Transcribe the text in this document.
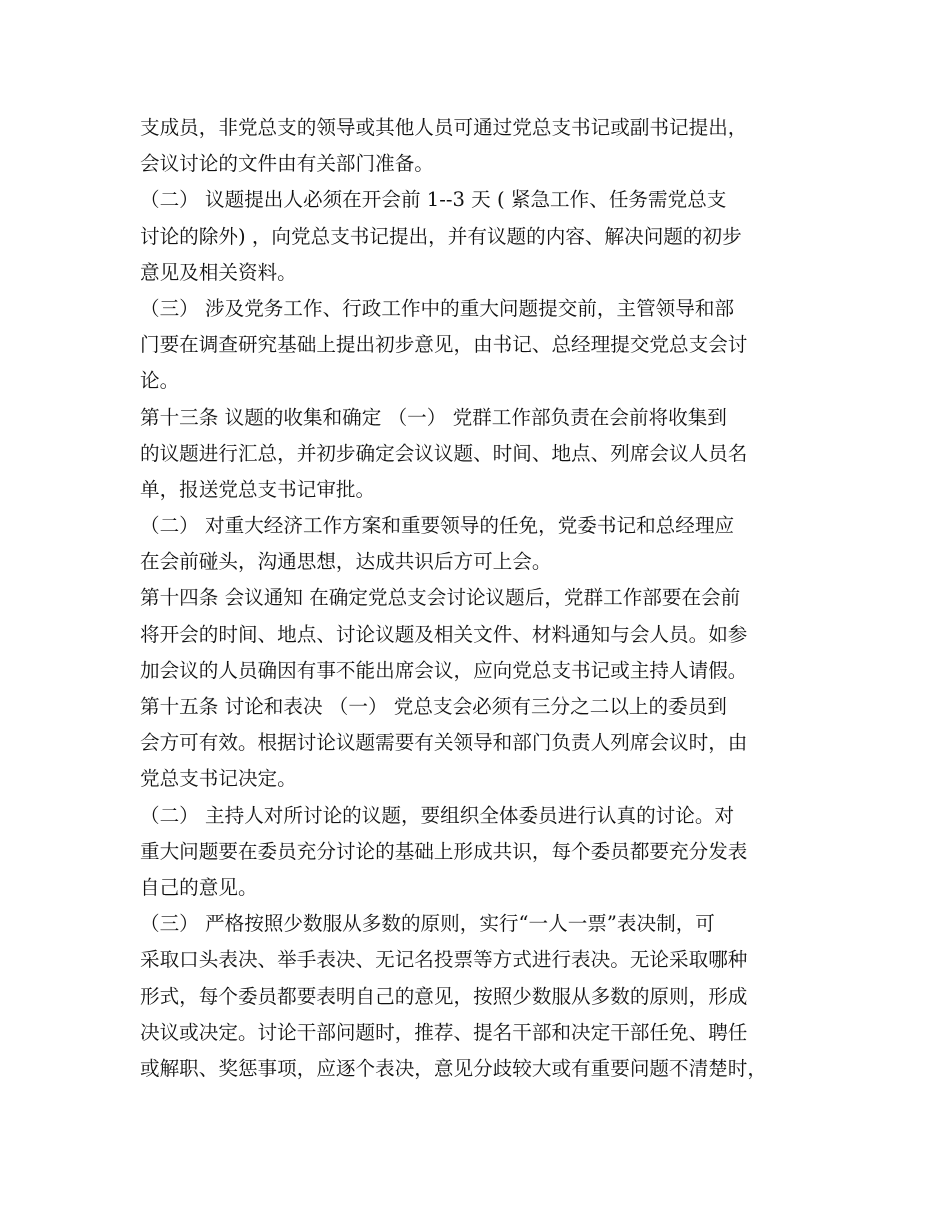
支成员，非党总支的领导或其他人员可通过党总支书记或副书记提出，
会议讨论的文件由有关部门准备。
（二） 议题提出人必须在开会前 1--3 天 ( 紧急工作、任务需党总支
讨论的除外) ，向党总支书记提出，并有议题的内容、解决问题的初步
意见及相关资料。
（三） 涉及党务工作、行政工作中的重大问题提交前，主管领导和部
门要在调查研究基础上提出初步意见，由书记、总经理提交党总支会讨
论。
第十三条 议题的收集和确定 （一） 党群工作部负责在会前将收集到
的议题进行汇总，并初步确定会议议题、时间、地点、列席会议人员名
单，报送党总支书记审批。
（二） 对重大经济工作方案和重要领导的任免，党委书记和总经理应
在会前碰头，沟通思想，达成共识后方可上会。
第十四条 会议通知 在确定党总支会讨论议题后，党群工作部要在会前
将开会的时间、地点、讨论议题及相关文件、材料通知与会人员。如参
加会议的人员确因有事不能出席会议，应向党总支书记或主持人请假。
第十五条 讨论和表决 （一） 党总支会必须有三分之二以上的委员到
会方可有效。根据讨论议题需要有关领导和部门负责人列席会议时，由
党总支书记决定。
（二） 主持人对所讨论的议题，要组织全体委员进行认真的讨论。对
重大问题要在委员充分讨论的基础上形成共识，每个委员都要充分发表
自己的意见。
（三） 严格按照少数服从多数的原则，实行“一人一票”表决制，可
采取口头表决、举手表决、无记名投票等方式进行表决。无论采取哪种
形式，每个委员都要表明自己的意见，按照少数服从多数的原则，形成
决议或决定。讨论干部问题时，推荐、提名干部和决定干部任免、聘任
或解职、奖惩事项，应逐个表决，意见分歧较大或有重要问题不清楚时，
